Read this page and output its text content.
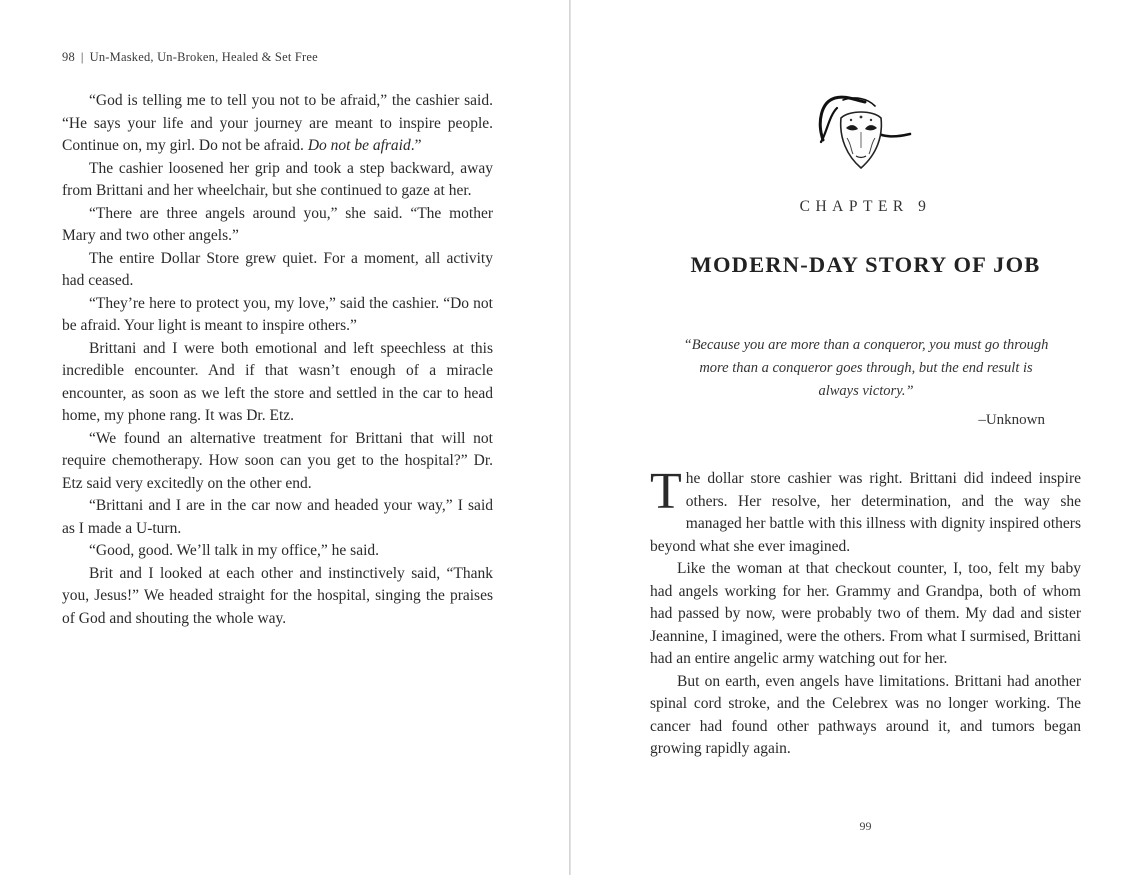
98 | Un-Masked, Un-Broken, Healed & Set Free

“God is telling me to tell you not to be afraid,” the cashier said. “He says your life and your journey are meant to inspire people. Continue on, my girl. Do not be afraid. Do not be afraid.”

The cashier loosened her grip and took a step backward, away from Brittani and her wheelchair, but she continued to gaze at her.

“There are three angels around you,” she said. “The mother Mary and two other angels.”

The entire Dollar Store grew quiet. For a moment, all activity had ceased.

“They’re here to protect you, my love,” said the cashier. “Do not be afraid. Your light is meant to inspire others.”

Brittani and I were both emotional and left speechless at this incredible encounter. And if that wasn’t enough of a miracle encounter, as soon as we left the store and settled in the car to head home, my phone rang. It was Dr. Etz.

“We found an alternative treatment for Brittani that will not require chemotherapy. How soon can you get to the hospital?” Dr. Etz said very excitedly on the other end.

“Brittani and I are in the car now and headed your way,” I said as I made a U-turn.

“Good, good. We’ll talk in my office,” he said.

Brit and I looked at each other and instinctively said, “Thank you, Jesus!” We headed straight for the hospital, singing the praises of God and shouting the whole way.

CHAPTER 9
MODERN-DAY STORY OF JOB
“Because you are more than a conqueror, you must go through more than a conqueror goes through, but the end result is always victory.”
–Unknown

The dollar store cashier was right. Brittani did indeed inspire others. Her resolve, her determination, and the way she managed her battle with this illness with dignity inspired others beyond what she ever imagined.

Like the woman at that checkout counter, I, too, felt my baby had angels working for her. Grammy and Grandpa, both of whom had passed by now, were probably two of them. My dad and sister Jeannine, I imagined, were the others. From what I surmised, Brittani had an entire angelic army watching out for her.

But on earth, even angels have limitations. Brittani had another spinal cord stroke, and the Celebrex was no longer working. The cancer had found other pathways around it, and tumors began growing rapidly again.

99
